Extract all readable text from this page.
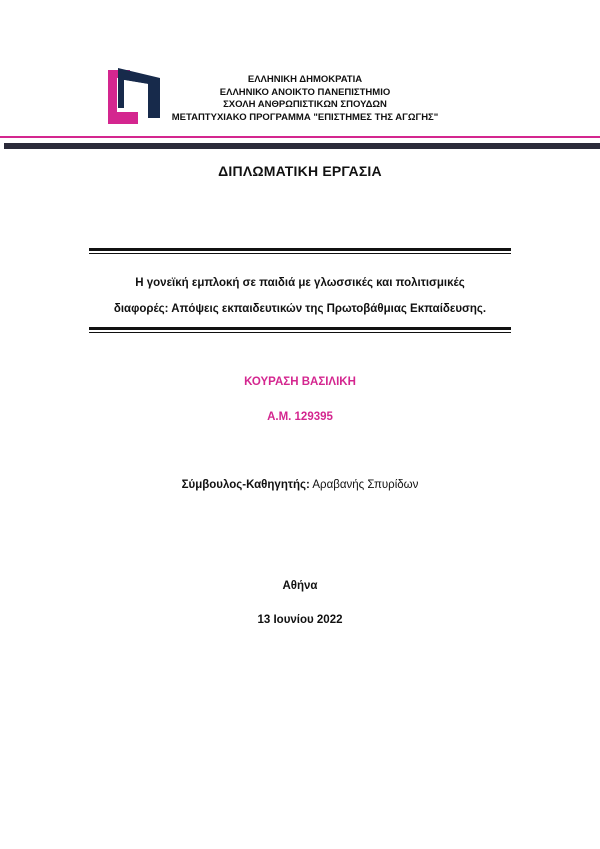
ΕΛΛΗΝΙΚΗ ΔΗΜΟΚΡΑΤΙΑ
ΕΛΛΗΝΙΚΟ ΑΝΟΙΚΤΟ ΠΑΝΕΠΙΣΤΗΜΙΟ
ΣΧΟΛΗ ΑΝΘΡΩΠΙΣΤΙΚΩΝ ΣΠΟΥΔΩΝ
ΜΕΤΑΠΤΥΧΙΑΚΟ ΠΡΟΓΡΑΜΜΑ "ΕΠΙΣΤΗΜΕΣ ΤΗΣ ΑΓΩΓΗΣ"
ΔΙΠΛΩΜΑΤΙΚΗ ΕΡΓΑΣΙΑ
Η γονεϊκή εμπλοκή σε παιδιά με γλωσσικές και πολιτισμικές
διαφορές: Απόψεις εκπαιδευτικών της Πρωτοβάθμιας Εκπαίδευσης.
ΚΟΥΡΑΣΗ ΒΑΣΙΛΙΚΗ
Α.Μ. 129395
Σύμβουλος-Καθηγητής: Αραβανής Σπυρίδων
Αθήνα
13 Ιουνίου 2022
